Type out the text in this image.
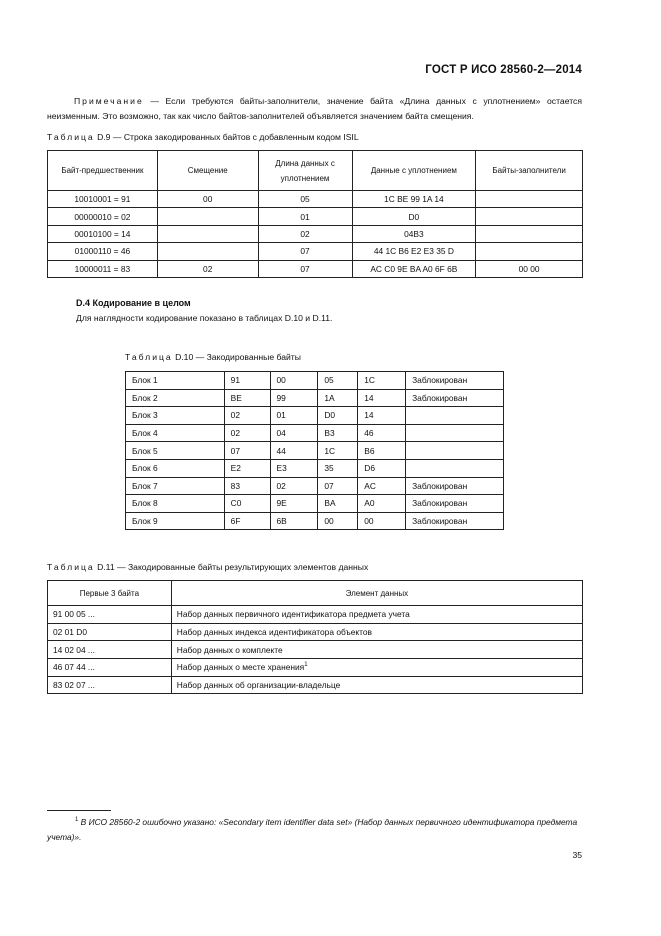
ГОСТ Р ИСО 28560-2—2014
Примечание — Если требуются байты-заполнители, значение байта «Длина данных с уплотнением» остается неизменным. Это возможно, так как число байтов-заполнителей объявляется значением байта смещения.
Таблица D.9 — Строка закодированных байтов с добавленным кодом ISIL
Байт-предшественник	Смещение	Длина данных с уплотнением	Данные с уплотнением	Байты-заполнители
10010001 = 91	00	05	1C BE 99 1A 14	
00000010 = 02		01	D0	
00010100 = 14		02	04B3	
01000110 = 46		07	44 1C B6 E2 E3 35 D	
10000011 = 83	02	07	AC C0 9E BA A0 6F 6B	00 00
D.4 Кодирование в целом
Для наглядности кодирование показано в таблицах D.10 и D.11.
Таблица D.10 — Закодированные байты
Блок 1	91	00	05	1C	Заблокирован
Блок 2	BE	99	1A	14	Заблокирован
Блок 3	02	01	D0	14	
Блок 4	02	04	B3	46	
Блок 5	07	44	1C	B6	
Блок 6	E2	E3	35	D6	
Блок 7	83	02	07	AC	Заблокирован
Блок 8	C0	9E	BA	A0	Заблокирован
Блок 9	6F	6B	00	00	Заблокирован
Таблица D.11 — Закодированные байты результирующих элементов данных
Первые 3 байта	Элемент данных
91 00 05 ...	Набор данных первичного идентификатора предмета учета
02 01 D0	Набор данных индекса идентификатора объектов
14 02 04 ...	Набор данных о комплекте
46 07 44 ...	Набор данных о месте хранения$^1$
83 02 07 ...	Набор данных об организации-владельце
$^1$ В ИСО 28560-2 ошибочно указано: «Secondary item identifier data set» (Набор данных первичного идентификатора предмета учета)».
35
